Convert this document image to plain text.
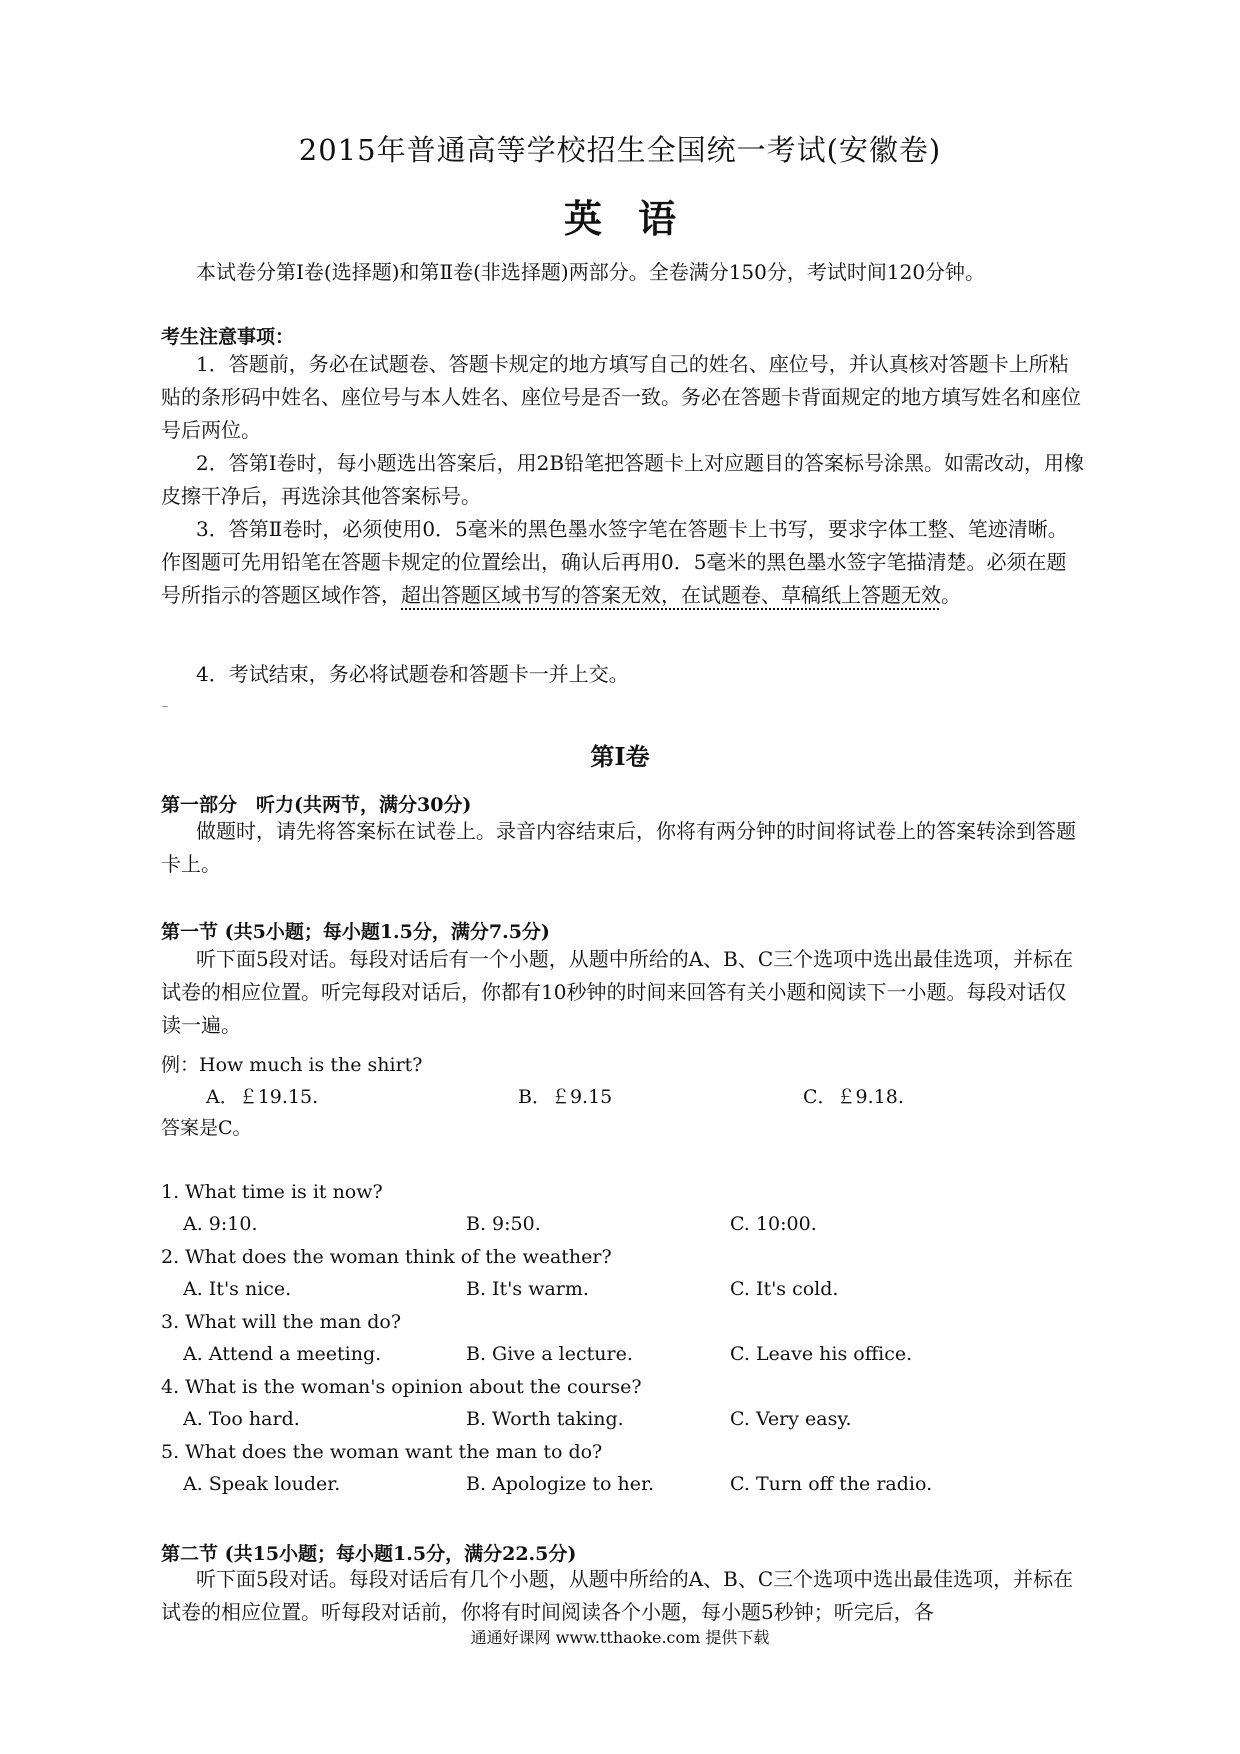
2015年普通高等学校招生全国统一考试(安徽卷)
英语
本试卷分第Ⅰ卷(选择题)和第Ⅱ卷(非选择题)两部分。全卷满分150分，考试时间120分钟。
考生注意事项：
1．答题前，务必在试题卷、答题卡规定的地方填写自己的姓名、座位号，并认真核对答题卡上所粘贴的条形码中姓名、座位号与本人姓名、座位号是否一致。务必在答题卡背面规定的地方填写姓名和座位号后两位。
2．答第Ⅰ卷时，每小题选出答案后，用2B铅笔把答题卡上对应题目的答案标号涂黑。如需改动，用橡皮擦干净后，再选涂其他答案标号。
3．答第Ⅱ卷时，必须使用0．5毫米的黑色墨水签字笔在答题卡上书写，要求字体工整、笔迹清晰。作图题可先用铅笔在答题卡规定的位置绘出，确认后再用0．5毫米的黑色墨水签字笔描清楚。必须在题号所指示的答题区域作答，超出答题区域书写的答案无效，在试题卷、草稿纸上答题无效。
4．考试结束，务必将试题卷和答题卡一并上交。
第Ⅰ卷
第一部分　听力(共两节，满分30分)
做题时，请先将答案标在试卷上。录音内容结束后，你将有两分钟的时间将试卷上的答案转涂到答题卡上。
第一节 (共5小题；每小题1.5分，满分7.5分)
听下面5段对话。每段对话后有一个小题，从题中所给的A、B、C三个选项中选出最佳选项，并标在试卷的相应位置。听完每段对话后，你都有10秒钟的时间来回答有关小题和阅读下一小题。每段对话仅读一遍。
例：How much is the shirt?
A．￡19.15.	B．￡9.15	C．￡9.18.
答案是C。
1. What time is it now?
A. 9:10.	B. 9:50.	C. 10:00.
2. What does the woman think of the weather?
A. It's nice.	B. It's warm.	C. It's cold.
3. What will the man do?
A. Attend a meeting.	B. Give a lecture.	C. Leave his office.
4. What is the woman's opinion about the course?
A. Too hard.	B. Worth taking.	C. Very easy.
5. What does the woman want the man to do?
A. Speak louder.	B. Apologize to her.	C. Turn off the radio.
第二节 (共15小题；每小题1.5分，满分22.5分)
听下面5段对话。每段对话后有几个小题，从题中所给的A、B、C三个选项中选出最佳选项，并标在试卷的相应位置。听每段对话前，你将有时间阅读各个小题，每小题5秒钟；听完后，各
通通好课网 www.tthaoke.com 提供下载
